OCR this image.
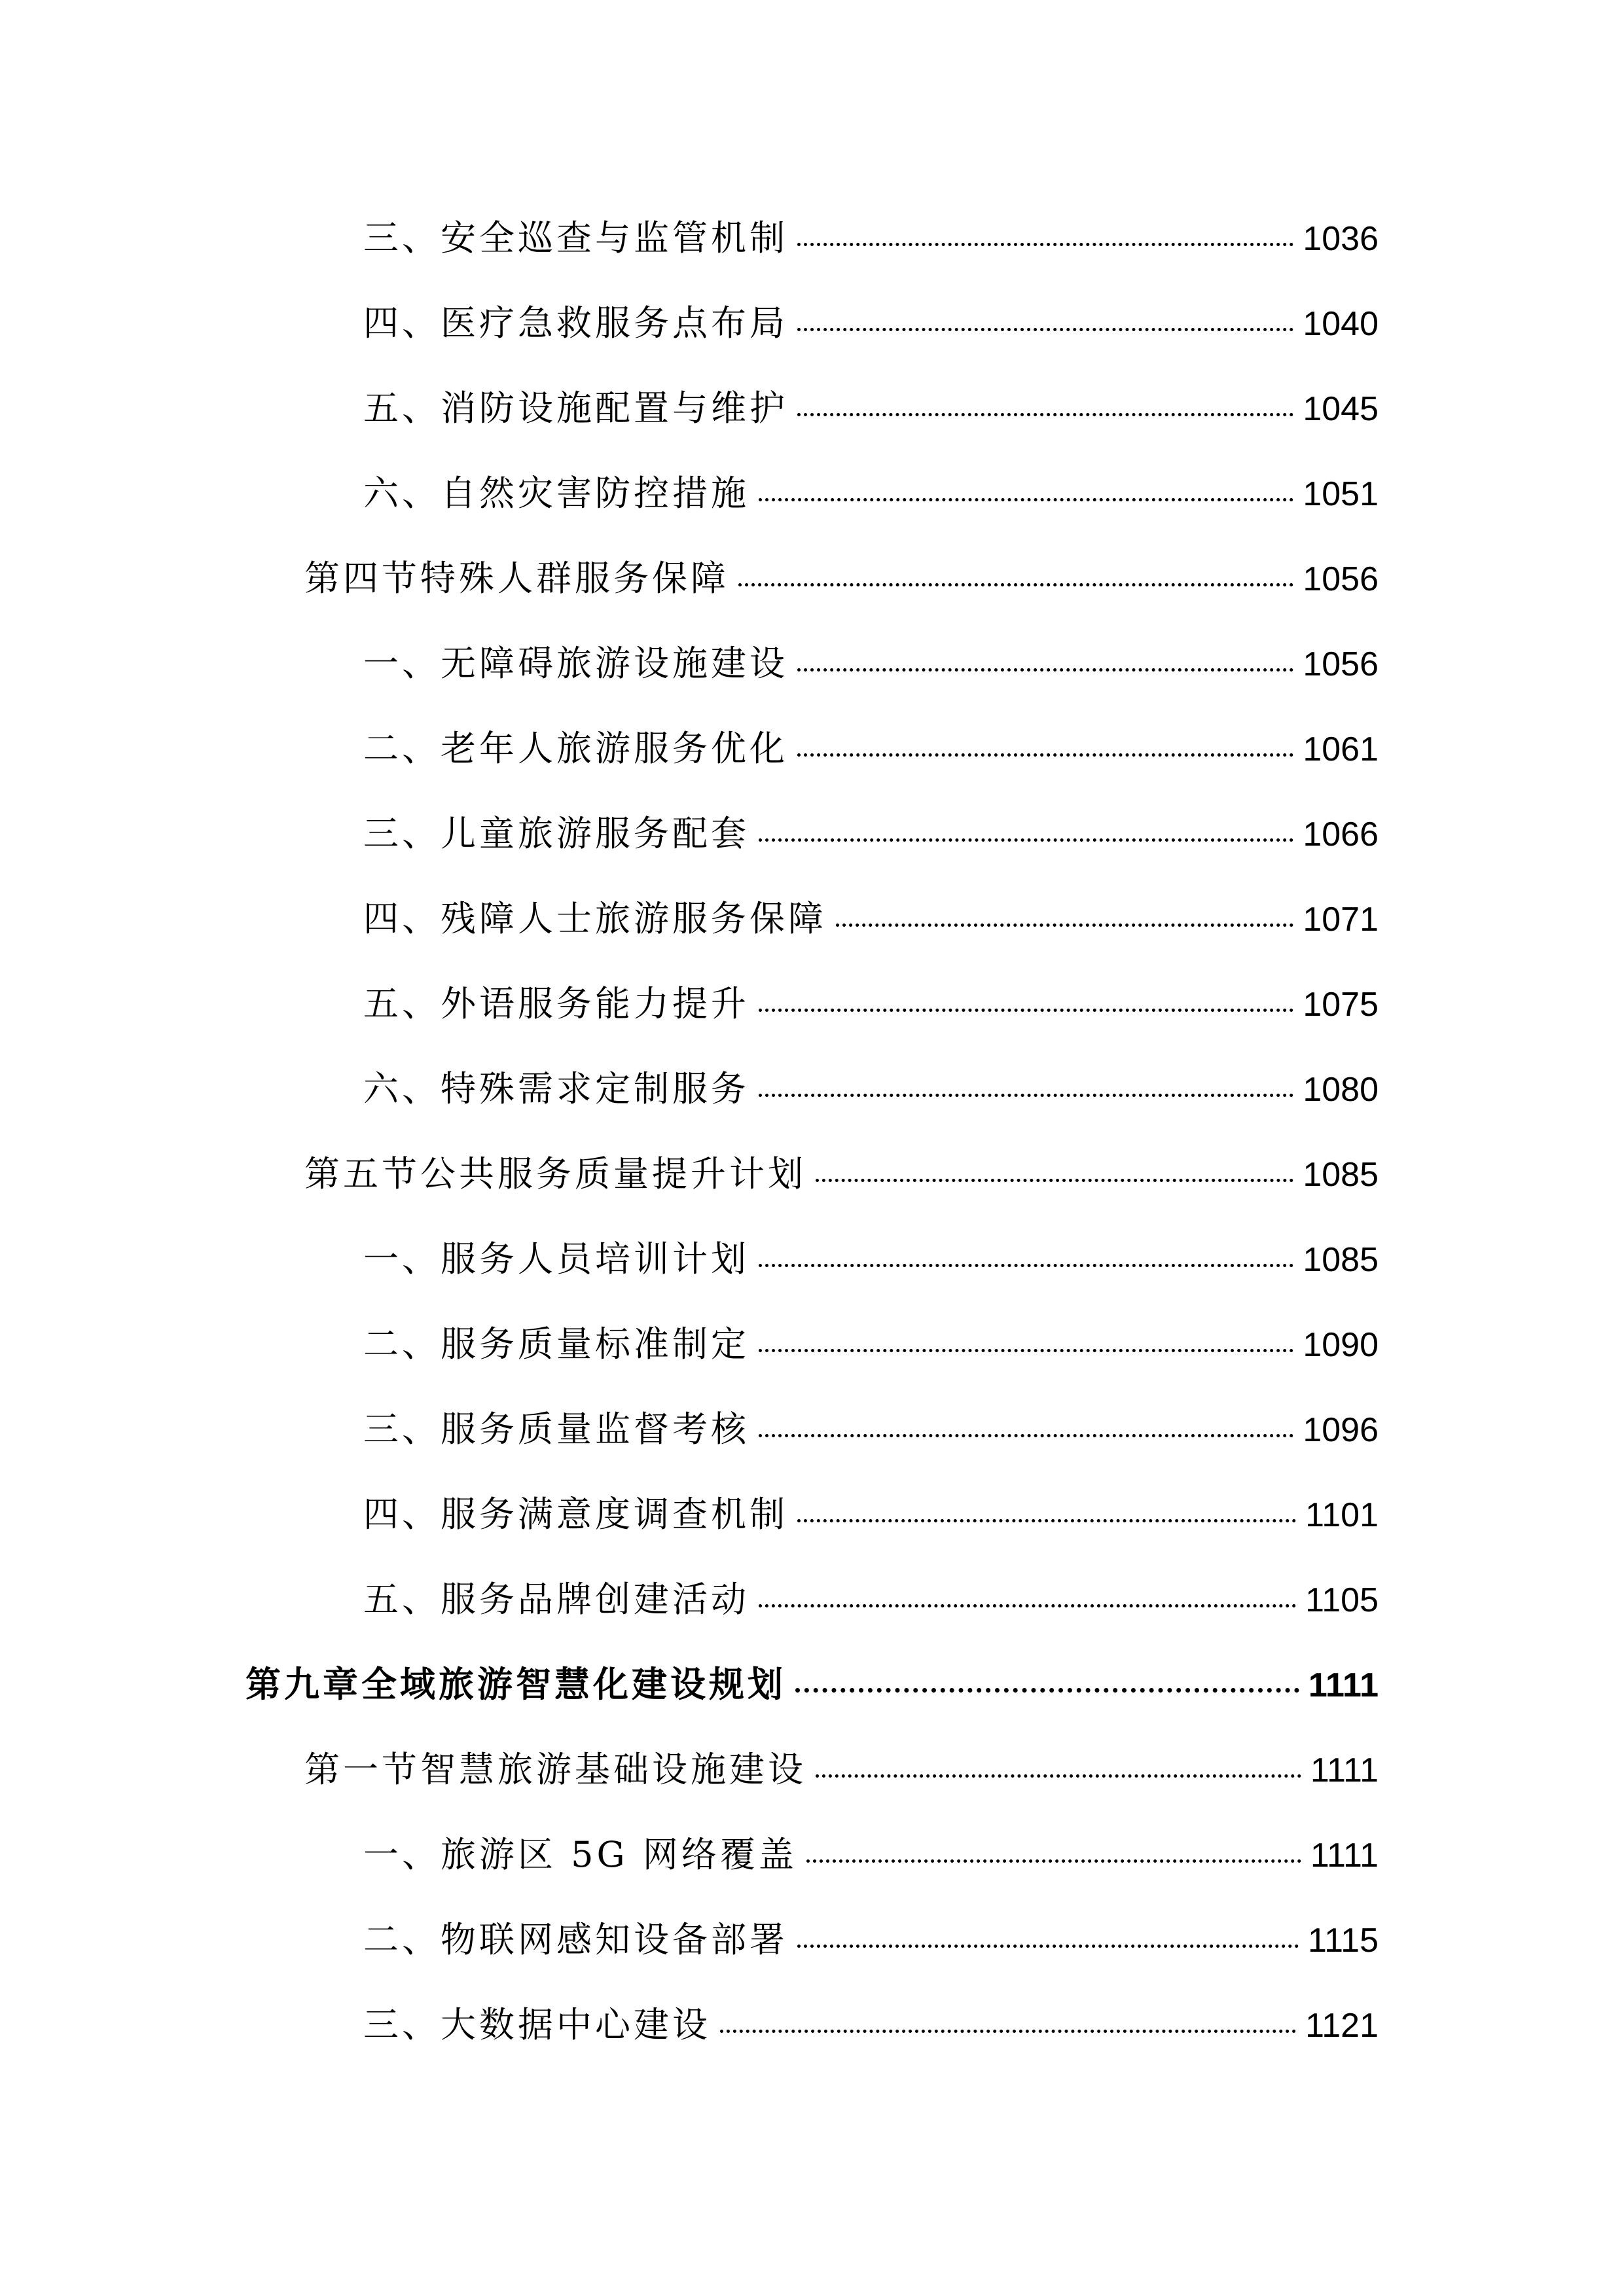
三、安全巡查与监管机制	1036
四、医疗急救服务点布局	1040
五、消防设施配置与维护	1045
六、自然灾害防控措施	1051
第四节特殊人群服务保障	1056
一、无障碍旅游设施建设	1056
二、老年人旅游服务优化	1061
三、儿童旅游服务配套	1066
四、残障人士旅游服务保障	1071
五、外语服务能力提升	1075
六、特殊需求定制服务	1080
第五节公共服务质量提升计划	1085
一、服务人员培训计划	1085
二、服务质量标准制定	1090
三、服务质量监督考核	1096
四、服务满意度调查机制	1101
五、服务品牌创建活动	1105
第九章全域旅游智慧化建设规划	1111
第一节智慧旅游基础设施建设	1111
一、旅游区 5G 网络覆盖	1111
二、物联网感知设备部署	1115
三、大数据中心建设	1121
